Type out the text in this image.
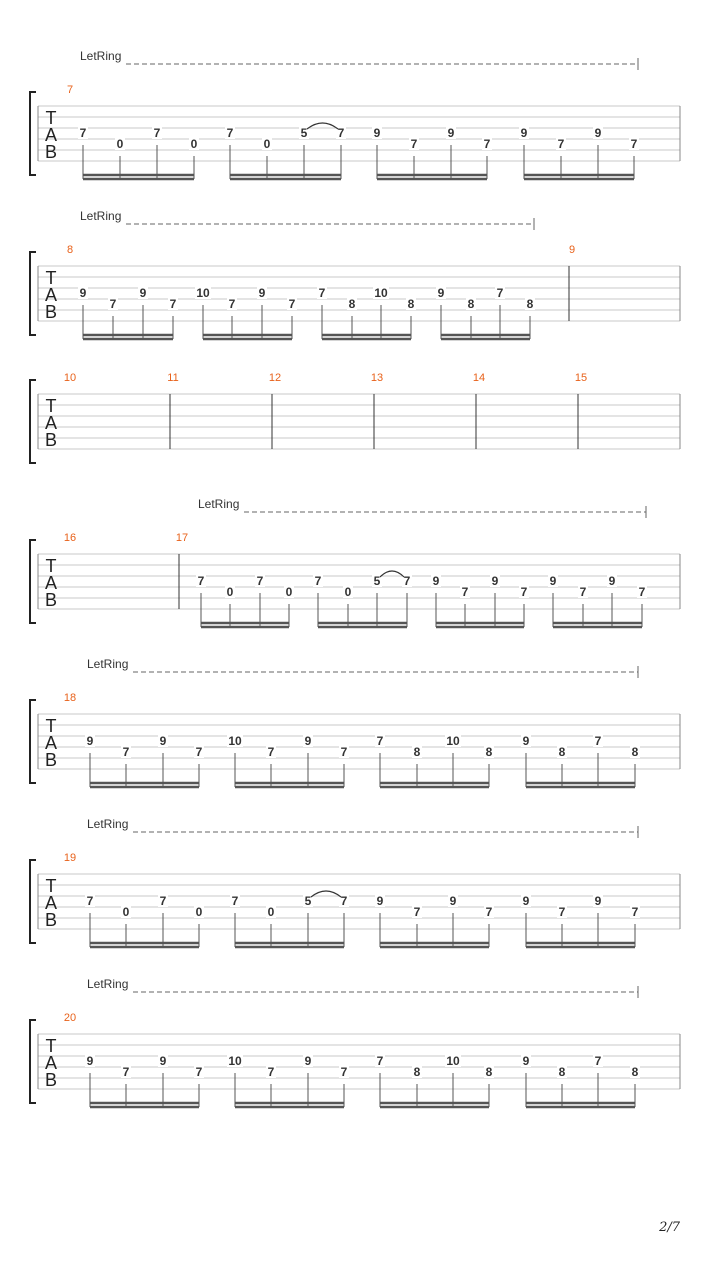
LetRing
T
A
B
7
7
0
7
0
7
0
5	7 9
7
9
7
9
7
9
7
LetRing
T
A
B
8	9
9
7
9
7
10
7
9
7
7
8
10
8
9
8
7
8
T
A
B
10	11	12	13	14	15
LetRing
T
A
B
16	17
7
0
7
0
7
0
5 7 9
7
9
7
9
7
9
7
LetRing
T
A
B
18
9
7
9
7
10
7
9
7
7
8
10
8
9
8
7
8
LetRing
T
A
B
19
7
0
7
0
7
0
5 7 9
7
9
7
9
7
9
7
LetRing
T
A
B
20
9
7
9
7
10
7
9
7
7
8
10
8
9
8
7
8
2/7
